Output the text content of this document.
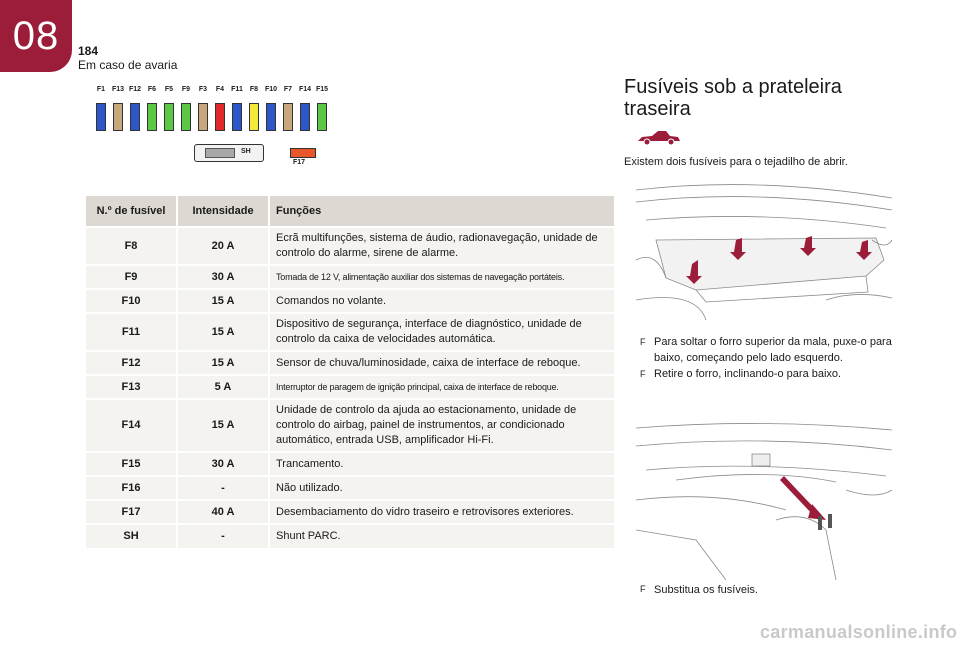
08 184
Em caso de avaria
F1 F13 F12 F6	F5	F9	F3	F4	F11	F8 F10 F7 F14 F15
SH
F17
N.º de fusível	Intensidade	Funções
F8	20 A	Ecrã multifunções, sistema de áudio, radionavegação, unidade de controlo do alarme, sirene de alarme.
F9	30 A	Tomada de 12 V, alimentação auxiliar dos sistemas de navegação portáteis.
F10	15 A	Comandos no volante.
F11	15 A	Dispositivo de segurança, interface de diagnóstico, unidade de controlo da caixa de velocidades automática.
F12	15 A	Sensor de chuva/luminosidade, caixa de interface de reboque.
F13	5 A	Interruptor de paragem de ignição principal, caixa de interface de reboque.
F14	15 A	Unidade de controlo da ajuda ao estacionamento, unidade de controlo do airbag, painel de instrumentos, ar condicionado automático, entrada USB, amplificador Hi-Fi.
F15	30 A	Trancamento.
F16	-	Não utilizado.
F17	40 A	Desembaciamento do vidro traseiro e retrovisores exteriores.
SH	-	Shunt PARC.
Fusíveis sob a prateleira traseira
Existem dois fusíveis para o tejadilho de abrir.

F Para soltar o forro superior da mala, puxe-o para baixo, começando pelo lado esquerdo.

F Retire o forro, inclinando-o para baixo.

F Substitua os fusíveis.
carmanualsonline.info
